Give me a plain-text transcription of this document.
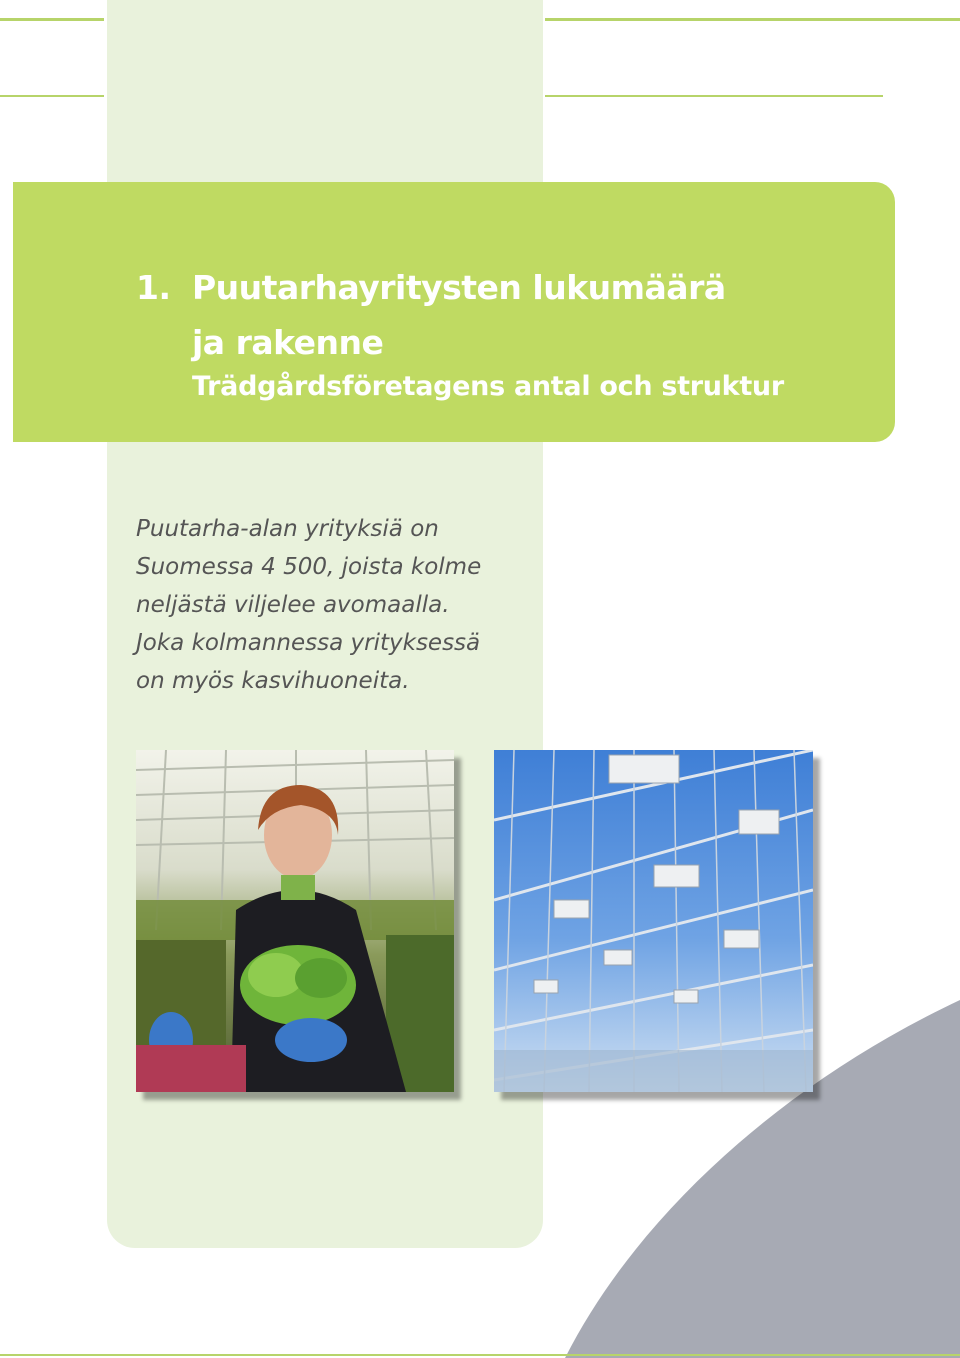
1. Puutarhayritysten lukumäärä
ja rakenne
Trädgårdsföretagens antal och struktur
Puutarha-alan yrityksiä on
Suomessa 4 500, joista kolme
neljästä viljelee avomaalla.
Joka kolmannessa yrityksessä
on myös kasvihuoneita.
